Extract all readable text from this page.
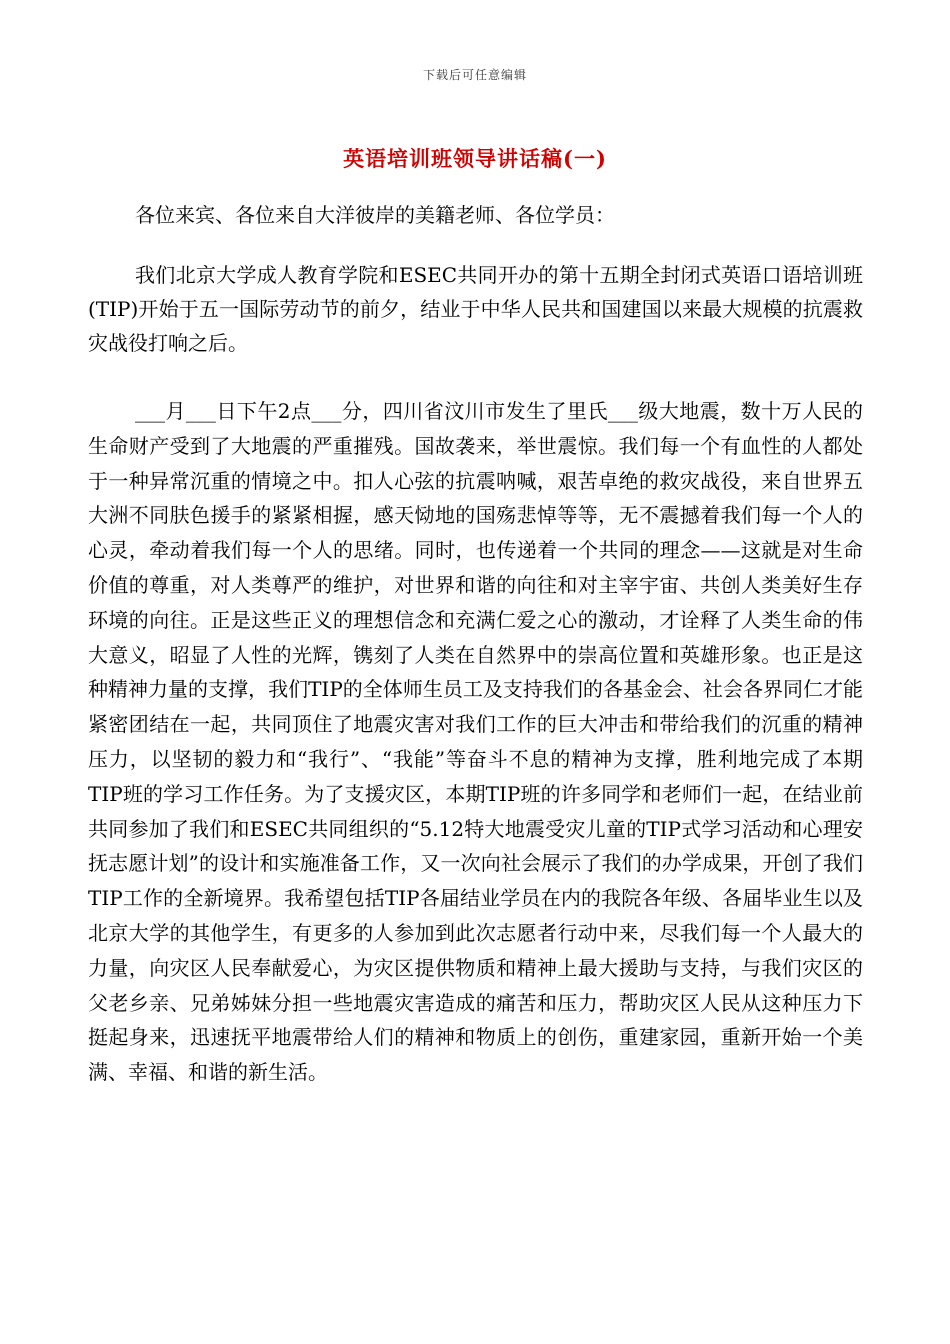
下载后可任意编辑
英语培训班领导讲话稿(一)

各位来宾、各位来自大洋彼岸的美籍老师、各位学员：

我们北京大学成人教育学院和ESEC共同开办的第十五期全封闭式英语口语培训班(TIP)开始于五一国际劳动节的前夕，结业于中华人民共和国建国以来最大规模的抗震救灾战役打响之后。

___月___日下午2点___分，四川省汶川市发生了里氏___级大地震，数十万人民的生命财产受到了大地震的严重摧残。国故袭来，举世震惊。我们每一个有血性的人都处于一种异常沉重的情境之中。扣人心弦的抗震呐喊，艰苦卓绝的救灾战役，来自世界五大洲不同肤色援手的紧紧相握，感天恸地的国殇悲悼等等，无不震撼着我们每一个人的心灵，牵动着我们每一个人的思绪。同时，也传递着一个共同的理念——这就是对生命价值的尊重，对人类尊严的维护，对世界和谐的向往和对主宰宇宙、共创人类美好生存环境的向往。正是这些正义的理想信念和充满仁爱之心的激动，才诠释了人类生命的伟大意义，昭显了人性的光辉，镌刻了人类在自然界中的崇高位置和英雄形象。也正是这种精神力量的支撑，我们TIP的全体师生员工及支持我们的各基金会、社会各界同仁才能紧密团结在一起，共同顶住了地震灾害对我们工作的巨大冲击和带给我们的沉重的精神压力，以坚韧的毅力和“我行”、“我能”等奋斗不息的精神为支撑，胜利地完成了本期TIP班的学习工作任务。为了支援灾区，本期TIP班的许多同学和老师们一起，在结业前共同参加了我们和ESEC共同组织的“5.12特大地震受灾儿童的TIP式学习活动和心理安抚志愿计划”的设计和实施准备工作，又一次向社会展示了我们的办学成果，开创了我们TIP工作的全新境界。我希望包括TIP各届结业学员在内的我院各年级、各届毕业生以及北京大学的其他学生，有更多的人参加到此次志愿者行动中来，尽我们每一个人最大的力量，向灾区人民奉献爱心，为灾区提供物质和精神上最大援助与支持，与我们灾区的父老乡亲、兄弟姊妹分担一些地震灾害造成的痛苦和压力，帮助灾区人民从这种压力下挺起身来，迅速抚平地震带给人们的精神和物质上的创伤，重建家园，重新开始一个美满、幸福、和谐的新生活。
